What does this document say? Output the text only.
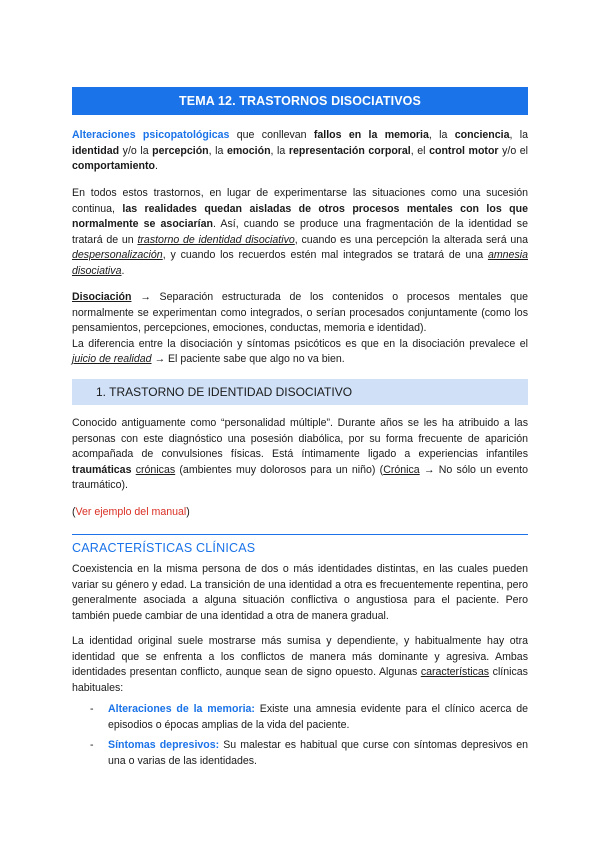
TEMA 12. TRASTORNOS DISOCIATIVOS

Alteraciones psicopatológicas que conllevan fallos en la memoria, la conciencia, la identidad y/o la percepción, la emoción, la representación corporal, el control motor y/o el comportamiento.

En todos estos trastornos, en lugar de experimentarse las situaciones como una sucesión continua, las realidades quedan aisladas de otros procesos mentales con los que normalmente se asociarían. Así, cuando se produce una fragmentación de la identidad se tratará de un trastorno de identidad disociativo, cuando es una percepción la alterada será una despersonalización, y cuando los recuerdos estén mal integrados se tratará de una amnesia disociativa.

Disociación → Separación estructurada de los contenidos o procesos mentales que normalmente se experimentan como integrados, o serían procesados conjuntamente (como los pensamientos, percepciones, emociones, conductas, memoria e identidad).
La diferencia entre la disociación y síntomas psicóticos es que en la disociación prevalece el juicio de realidad → El paciente sabe que algo no va bien.

1. TRASTORNO DE IDENTIDAD DISOCIATIVO

Conocido antiguamente como “personalidad múltiple”. Durante años se les ha atribuido a las personas con este diagnóstico una posesión diabólica, por su forma frecuente de aparición acompañada de convulsiones físicas. Está íntimamente ligado a experiencias infantiles traumáticas crónicas (ambientes muy dolorosos para un niño) (Crónica → No sólo un evento traumático).

(Ver ejemplo del manual)

CARACTERÍSTICAS CLÍNICAS

Coexistencia en la misma persona de dos o más identidades distintas, en las cuales pueden variar su género y edad. La transición de una identidad a otra es frecuentemente repentina, pero generalmente asociada a alguna situación conflictiva o angustiosa para el paciente. Pero también puede cambiar de una identidad a otra de manera gradual.

La identidad original suele mostrarse más sumisa y dependiente, y habitualmente hay otra identidad que se enfrenta a los conflictos de manera más dominante y agresiva. Ambas identidades presentan conflicto, aunque sean de signo opuesto. Algunas características clínicas habituales:

- Alteraciones de la memoria: Existe una amnesia evidente para el clínico acerca de episodios o épocas amplias de la vida del paciente.

- Síntomas depresivos: Su malestar es habitual que curse con síntomas depresivos en una o varias de las identidades.
